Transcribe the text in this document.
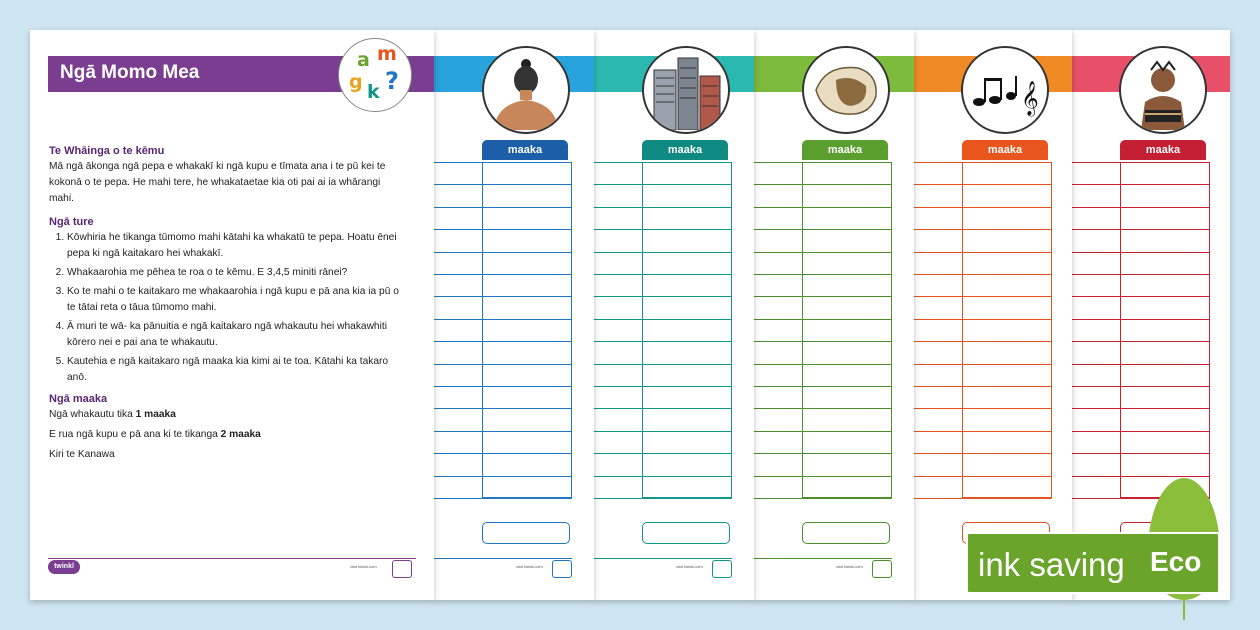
maaka
𝄞
maaka
maaka
visit twinkl.com
maaka
visit twinkl.com
maaka
visit twinkl.com
Ngā Momo Mea
a m
g k ?
Te Whāinga o te kēmu

Mā ngā ākonga ngā pepa e whakakī ki ngā kupu e tīmata ana i te pū kei te kokonā o te pepa. He mahi tere, he whakataetae kia oti pai ai ia whārangi mahi.

Ngā ture
1. Kōwhiria he tikanga tūmomo mahi kātahi ka whakatū te pepa. Hoatu ēnei pepa ki ngā kaitakaro hei whakakī.
2. Whakaarohia me pēhea te roa o te kēmu. E 3,4,5 miniti rānei?
3. Ko te mahi o te kaitakaro me whakaarohia i ngā kupu e pā ana kia ia pū o te tātai reta o tāua tūmomo mahi.
4. Ā muri te wā- ka pānuitia e ngā kaitakaro ngā whakautu hei whakawhiti kōrero nei e pai ana te whakautu.
5. Kautehia e ngā kaitakaro ngā maaka kia kimi ai te toa. Kātahi ka takaro anō.
Ngā maaka

Ngā whakautu tika 1 maaka

E rua ngā kupu e pā ana ki te tikanga 2 maaka

Kiri te Kanawa

twinkl	visit twinkl.com	ink saving Eco
